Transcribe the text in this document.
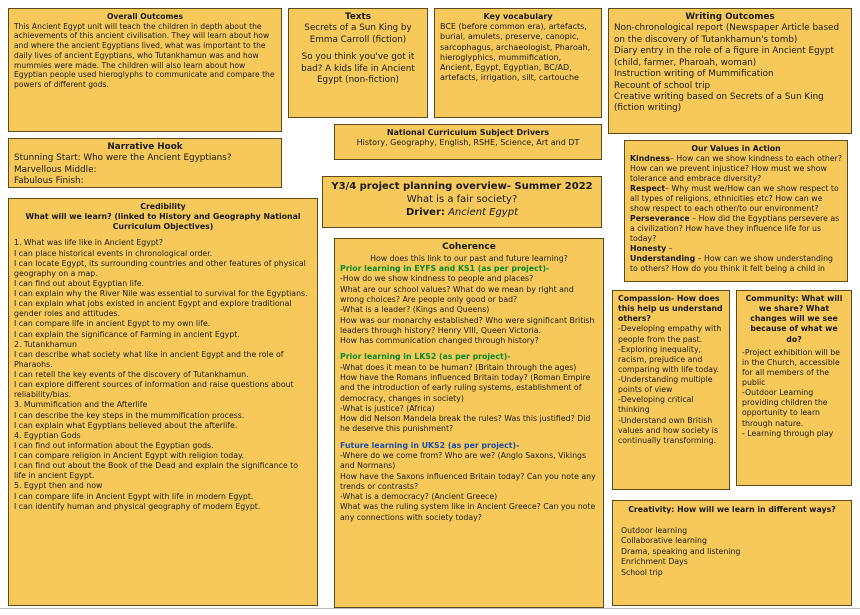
Overall Outcomes
This Ancient Egypt unit will teach the children in depth about the achievements of this ancient civilisation. They will learn about how and where the ancient Egyptians lived, what was important to the daily lives of ancient Egyptians, who Tutankhamun was and how mummies were made. The children will also learn about how Egyptian people used hieroglyphs to communicate and compare the powers of different gods.
Texts
Secrets of a Sun King by Emma Carroll (fiction)
So you think you've got it bad? A kids life in Ancient Egypt (non-fiction)
Key vocabulary
BCE (before common era), artefacts, burial, amulets, preserve, canopic, sarcophagus, archaeologist, Pharoah, hieroglyphics, mummification, Ancient, Egypt, Egyptian, BC/AD, artefacts, irrigation, silt, cartouche
Writing Outcomes
Non-chronological report (Newspaper Article based on the discovery of Tutankhamun's tomb)
Diary entry in the role of a figure in Ancient Egypt (child, farmer, Pharoah, woman)
Instruction writing of Mummification
Recount of school trip
Creative writing based on Secrets of a Sun King (fiction writing)
Narrative Hook
Stunning Start: Who were the Ancient Egyptians?
Marvellous Middle:
Fabulous Finish:
National Curriculum Subject Drivers
History, Geography, English, RSHE, Science, Art and DT
Y3/4 project planning overview- Summer 2022
What is a fair society?
Driver: Ancient Egypt
Our Values in Action
Kindness– How can we show kindness to each other? How can we prevent injustice? How must we show tolerance and embrace diversity?
Respect– Why must we/How can we show respect to all types of religions, ethnicities etc? How can we show respect to each other/to our environment?
Perseverance – How did the Egyptians persevere as a civilization? How have they influence life for us today?
Honesty –
Understanding – How can we show understanding to others? How do you think it felt being a child in
Credibility
What will we learn? (linked to History and Geography National Curriculum Objectives)
1. What was life like in Ancient Egypt?
I can place historical events in chronological order.
I can locate Egypt, its surrounding countries and other features of physical geography on a map.
I can find out about Egyptian life.
I can explain why the River Nile was essential to survival for the Egyptians.
I can explain what jobs existed in ancient Egypt and explore traditional gender roles and attitudes.
I can compare life in ancient Egypt to my own life.
I can explain the significance of Farming in ancient Egypt.
2. Tutankhamun
I can describe what society what like in ancient Egypt and the role of Pharaohs.
I can retell the key events of the discovery of Tutankhamun.
I can explore different sources of information and raise questions about reliability/bias.
3. Mummification and the Afterlife
I can describe the key steps in the mummification process.
I can explain what Egyptians believed about the afterlife.
4. Egyptian Gods
I can find out information about the Egyptian gods.
I can compare religion in Ancient Egypt with religion today.
I can find out about the Book of the Dead and explain the significance to life in ancient Egypt.
5. Egypt then and now
I can compare life in Ancient Egypt with life in modern Egypt.
I can identify human and physical geography of modern Egypt.
Coherence
How does this link to our past and future learning?
Prior learning in EYFS and KS1 (as per project)-
-How do we show kindness to people and places?
What are our school values? What do we mean by right and wrong choices? Are people only good or bad?
-What is a leader? (Kings and Queens)
How was our monarchy established? Who were significant British leaders through history? Henry VIII, Queen Victoria.
How has communication changed through history?
Prior learning in LKS2 (as per project)-
-What does it mean to be human? (Britain through the ages)
How have the Romans influenced Britain today? (Roman Empire and the introduction of early ruling systems, establishment of democracy, changes in society)
-What is justice? (Africa)
How did Nelson Mandela break the rules? Was this justified? Did he deserve this punishment?
Future learning in UKS2 (as per project)-
-Where do we come from? Who are we? (Anglo Saxons, Vikings and Normans)
How have the Saxons influenced Britain today? Can you note any trends or contrasts?
-What is a democracy? (Ancient Greece)
What was the ruling system like in Ancient Greece? Can you note any connections with society today?
Compassion- How does this help us understand others?
-Developing empathy with people from the past.
-Exploring inequality, racism, prejudice and comparing with life today.
-Understanding multiple points of view
-Developing critical thinking
-Understand own British values and how society is continually transforming.
Community: What will we share? What changes will we see because of what we do?
-Project exhibition will be in the Church, accessible for all members of the public
-Outdoor Learning providing children the opportunity to learn through nature.
- Learning through play
Creativity: How will we learn in different ways?
Outdoor learning
Collaborative learning
Drama, speaking and listening
Enrichment Days
School trip
